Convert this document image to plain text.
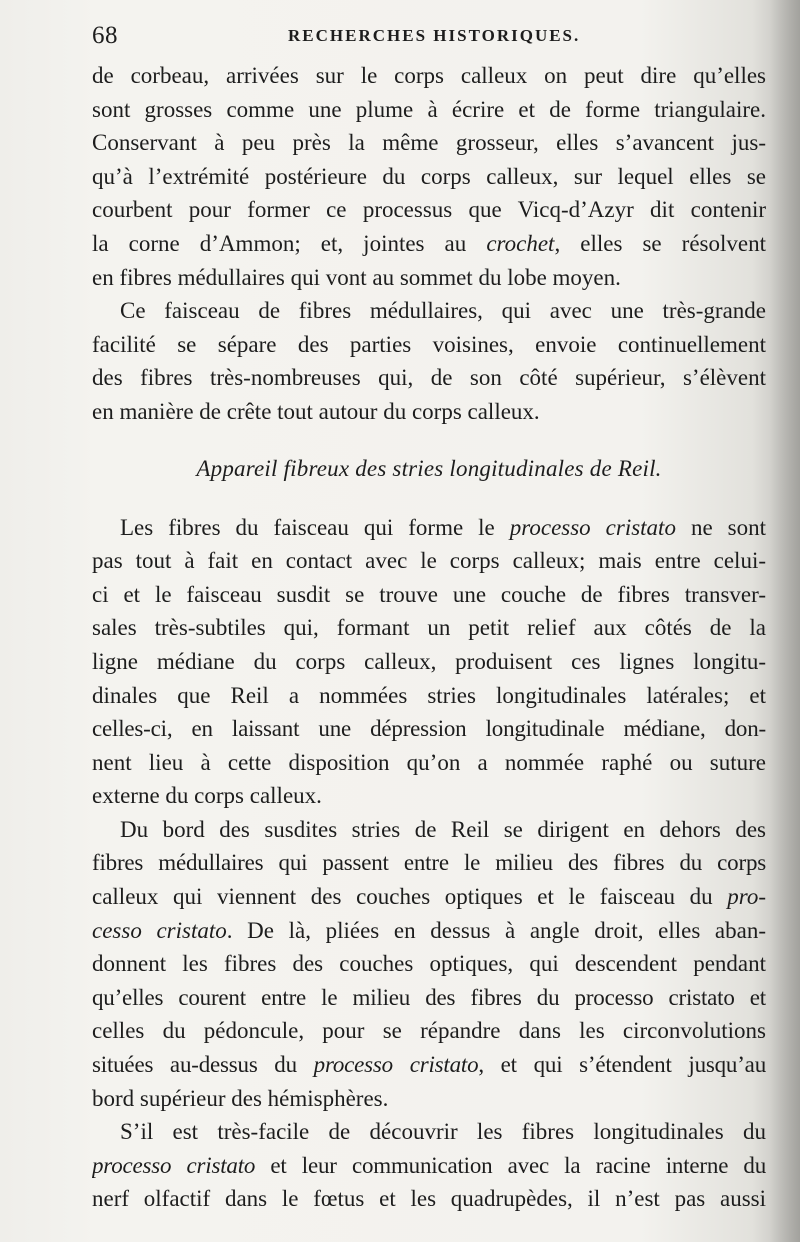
68	RECHERCHES HISTORIQUES.
de corbeau, arrivées sur le corps calleux on peut dire qu’elles
sont grosses comme une plume à écrire et de forme triangulaire.
Conservant à peu près la même grosseur, elles s’avancent jus-
qu’à l’extrémité postérieure du corps calleux, sur lequel elles se
courbent pour former ce processus que Vicq-d’Azyr dit contenir
la corne d’Ammon; et, jointes au crochet, elles se résolvent
en fibres médullaires qui vont au sommet du lobe moyen.
Ce faisceau de fibres médullaires, qui avec une très-grande
facilité se sépare des parties voisines, envoie continuellement
des fibres très-nombreuses qui, de son côté supérieur, s’élèvent
en manière de crête tout autour du corps calleux.
Appareil fibreux des stries longitudinales de Reil.
Les fibres du faisceau qui forme le processo cristato ne sont
pas tout à fait en contact avec le corps calleux; mais entre celui-
ci et le faisceau susdit se trouve une couche de fibres transver-
sales très-subtiles qui, formant un petit relief aux côtés de la
ligne médiane du corps calleux, produisent ces lignes longitu-
dinales que Reil a nommées stries longitudinales latérales; et
celles-ci, en laissant une dépression longitudinale médiane, don-
nent lieu à cette disposition qu’on a nommée raphé ou suture
externe du corps calleux.
Du bord des susdites stries de Reil se dirigent en dehors des
fibres médullaires qui passent entre le milieu des fibres du corps
calleux qui viennent des couches optiques et le faisceau du pro-
cesso cristato. De là, pliées en dessus à angle droit, elles aban-
donnent les fibres des couches optiques, qui descendent pendant
qu’elles courent entre le milieu des fibres du processo cristato et
celles du pédoncule, pour se répandre dans les circonvolutions
situées au-dessus du processo cristato, et qui s’étendent jusqu’au
bord supérieur des hémisphères.
S’il est très-facile de découvrir les fibres longitudinales du
processo cristato et leur communication avec la racine interne du
nerf olfactif dans le fœtus et les quadrupèdes, il n’est pas aussi
